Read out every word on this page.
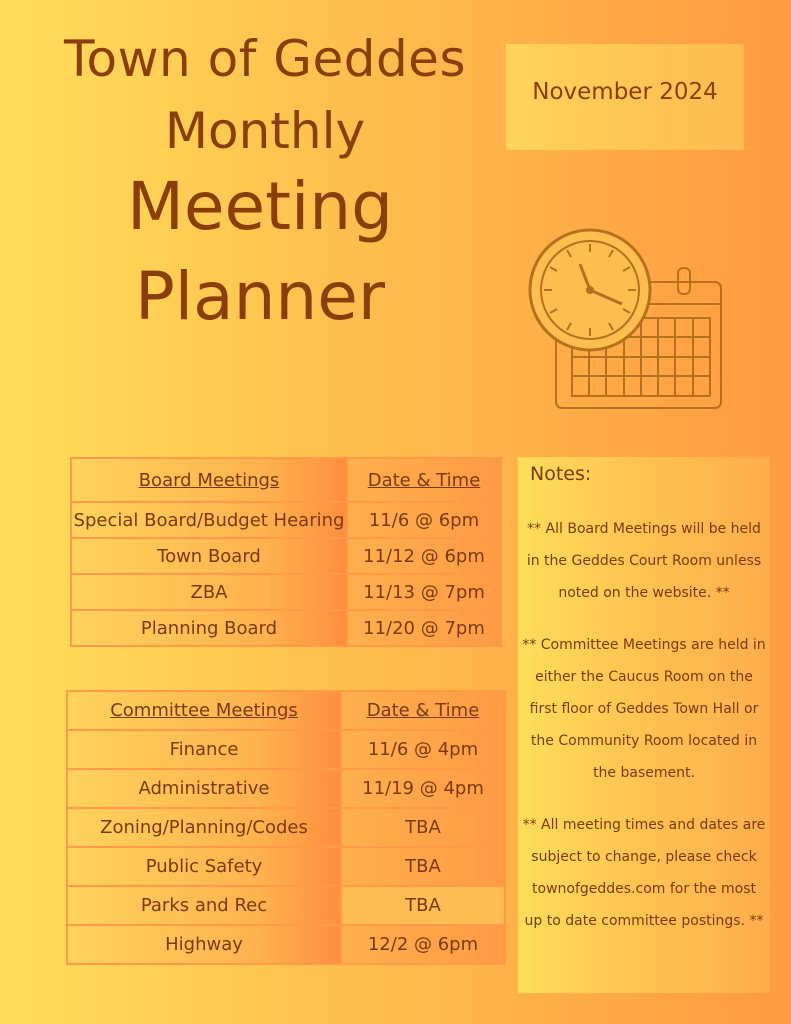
Town of Geddes
Monthly
Meeting
Planner
November 2024
Board Meetings	Date & Time
Special Board/Budget Hearing	11/6 @ 6pm
Town Board	11/12 @ 6pm
ZBA	11/13 @ 7pm
Planning Board	11/20 @ 7pm
Committee Meetings	Date & Time
Finance	11/6 @ 4pm
Administrative	11/19 @ 4pm
Zoning/Planning/Codes	TBA
Public Safety	TBA
Parks and Rec	TBA
Highway	12/2 @ 6pm
Notes:
** All Board Meetings will be held in the Geddes Court Room unless noted on the website. **
** Committee Meetings are held in either the Caucus Room on the first floor of Geddes Town Hall or the Community Room located in the basement.
** All meeting times and dates are subject to change, please check townofgeddes.com for the most up to date committee postings. **
